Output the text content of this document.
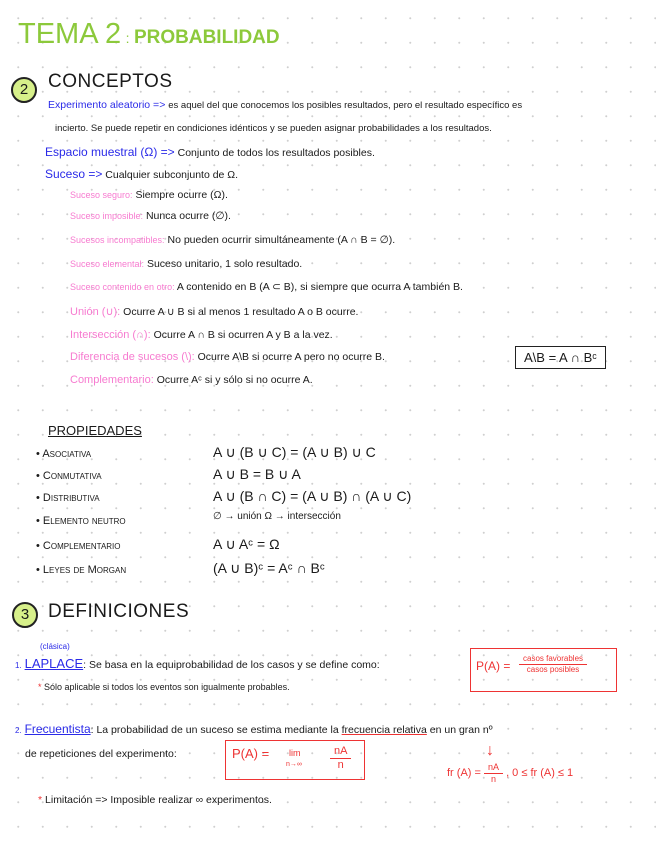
TEMA 2 : PROBABILIDAD
2	CONCEPTOS
Experimento aleatorio => es aquel del que conocemos los posibles resultados, pero el resultado específico es
incierto. Se puede repetir en condiciones idénticos y se pueden asignar probabilidades a los resultados.
Espacio muestral (Ω) => Conjunto de todos los resultados posibles.
Suceso => Cualquier subconjunto de Ω.
Suceso seguro: Siempre ocurre (Ω).
Suceso imposible: Nunca ocurre (∅).
Sucesos incompatibles: No pueden ocurrir simultáneamente (A ∩ B = ∅).
Suceso elemental: Suceso unitario, 1 solo resultado.
Suceso contenido en otro: A contenido en B (A ⊂ B), si siempre que ocurra A también B.
Unión (∪): Ocurre A ∪ B si al menos 1 resultado A o B ocurre.
Intersección (∩): Ocurre A ∩ B si ocurren A y B a la vez.
Diferencia de sucesos (\): Ocurre A\B si ocurre A pero no ocurre B.
Complementario: Ocurre Aᶜ si y sólo si no ocurre A.
A\B = A ∩ Bᶜ
PROPIEDADES
• Asociativa	A ∪ (B ∪ C) = (A ∪ B) ∪ C
• Conmutativa	A ∪ B = B ∪ A
• Distributiva	A ∪ (B ∩ C) = (A ∪ B) ∩ (A ∪ C)
• Elemento neutro	∅ → unión Ω → intersección
• Complementario	A ∪ Aᶜ = Ω
• Leyes de Morgan	(A ∪ B)ᶜ = Aᶜ ∩ Bᶜ
3 DEFINICIONES
(clásica)
1. LAPLACE: Se basa en la equiprobabilidad de los casos y se define como:	P(A) =
casos favorables
casos posibles
* Sólo aplicable si todos los eventos son igualmente probables.
2. Frecuentista: La probabilidad de un suceso se estima mediante la frecuencia relativa en un gran nº
de repeticiones del experimento:	P(A) = lim
n→∞	$\frac{nA}{n}$	↓
fr $(A) = \frac{nA}{n}$ , 0 ≤ fr (A) ≤ 1
* Limitación => Imposible realizar ∞ experimentos.
